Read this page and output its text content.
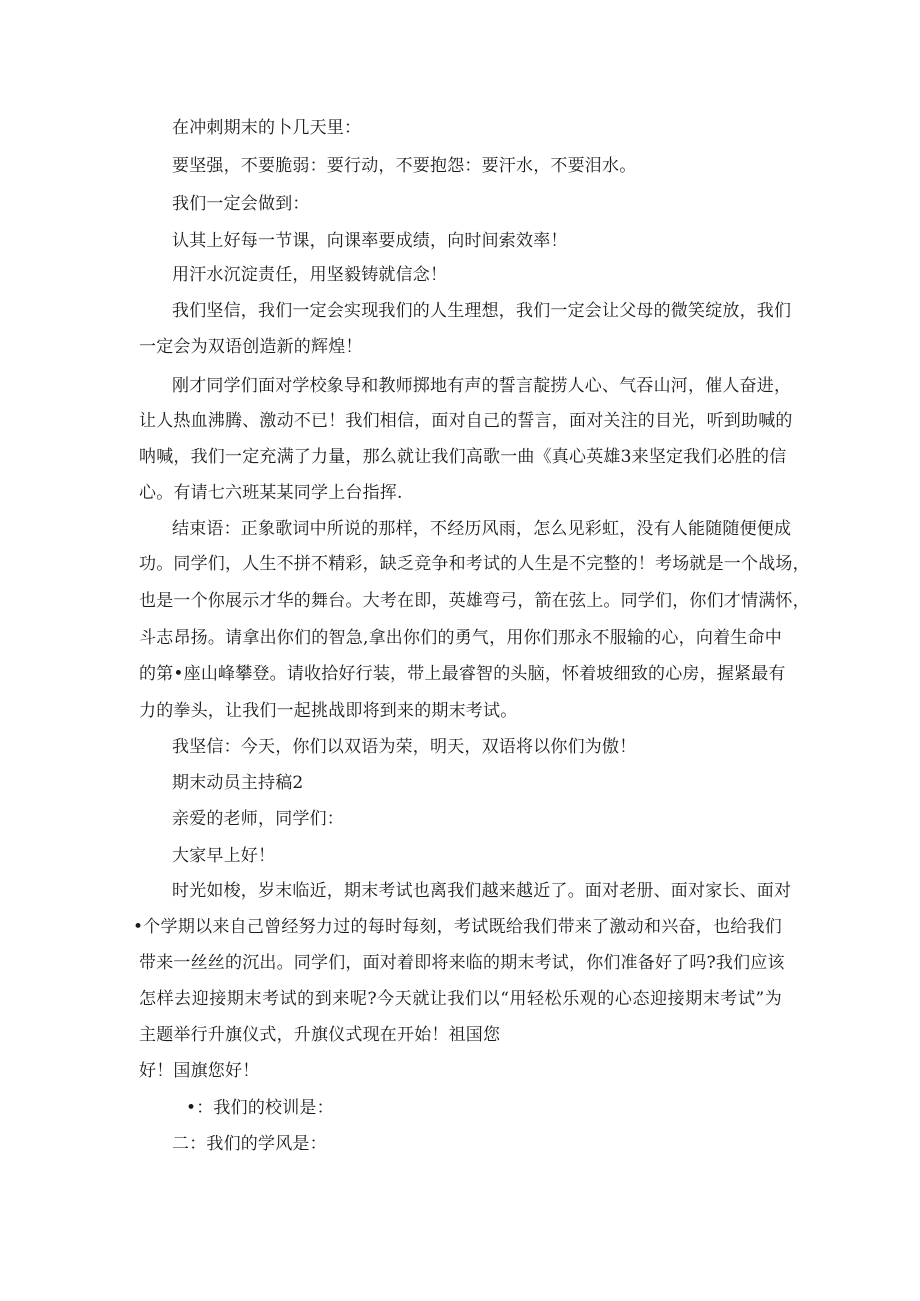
在冲刺期末的卜几天里：
要坚强，不要脆弱：要行动，不要抱怨：要汗水，不要泪水。
我们一定会做到：
认其上好每一节课，向课率要成绩，向时间索效率！
用汗水沉淀责任，用坚毅铸就信念！
我们坚信，我们一定会实现我们的人生理想，我们一定会让父母的微笑绽放，我们
一定会为双语创造新的辉煌！
刚才同学们面对学校象导和教师掷地有声的誓言靛捞人心、气吞山河，催人奋进，
让人热血沸腾、激动不已！我们相信，面对自己的誓言，面对关注的目光，听到助喊的
呐喊，我们一定充满了力量，那么就让我们高歌一曲《真心英雄3来坚定我们必胜的信
心。有请七六班某某同学上台指挥.
结束语：正象歌词中所说的那样，不经历风雨，怎么见彩虹，没有人能随随便便成
功。同学们，人生不拼不精彩，缺乏竞争和考试的人生是不完整的！考场就是一个战场，
也是一个你展示才华的舞台。大考在即，英雄弯弓，箭在弦上。同学们，你们才情满怀，
斗志昂扬。请拿出你们的智急,拿出你们的勇气，用你们那永不服输的心，向着生命中
的第•座山峰攀登。请收拾好行装，带上最睿智的头脑，怀着坡细致的心房，握紧最有
力的拳头，让我们一起挑战即将到来的期末考试。
我坚信：今天，你们以双语为荣，明天，双语将以你们为傲！
期末动员主持稿2
亲爱的老师，同学们：
大家早上好！
时光如梭，岁末临近，期末考试也离我们越来越近了。面对老册、面对家长、面对
•个学期以来自己曾经努力过的每时每刻，考试既给我们带来了激动和兴奋，也给我们
带来一丝丝的沉出。同学们，面对着即将来临的期末考试，你们准备好了吗?我们应该
怎样去迎接期末考试的到来呢?今天就让我们以“用轻松乐观的心态迎接期末考试”为
主题举行升旗仪式，升旗仪式现在开始！祖国您
好！国旗您好！
•：我们的校训是：
二：我们的学风是：
